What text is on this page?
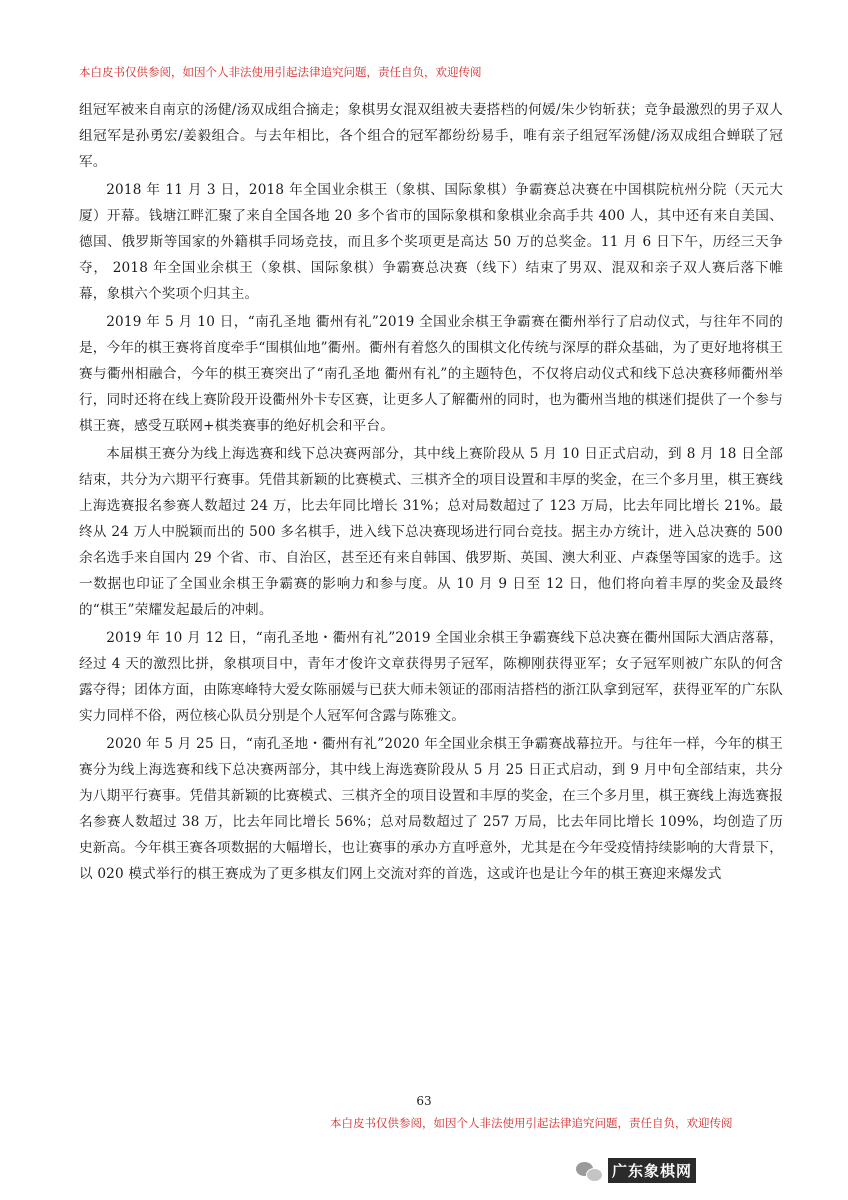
本白皮书仅供参阅，如因个人非法使用引起法律追究问题，责任自负，欢迎传阅

组冠军被来自南京的汤健/汤双成组合摘走；象棋男女混双组被夫妻搭档的何媛/朱少钧斩获；竞争最激烈的男子双人组冠军是孙勇宏/姜毅组合。与去年相比，各个组合的冠军都纷纷易手，唯有亲子组冠军汤健/汤双成组合蝉联了冠军。

2018 年 11 月 3 日，2018 年全国业余棋王（象棋、国际象棋）争霸赛总决赛在中国棋院杭州分院（天元大厦）开幕。钱塘江畔汇聚了来自全国各地 20 多个省市的国际象棋和象棋业余高手共 400 人，其中还有来自美国、德国、俄罗斯等国家的外籍棋手同场竞技，而且多个奖项更是高达 50 万的总奖金。11 月 6 日下午，历经三天争夺， 2018 年全国业余棋王（象棋、国际象棋）争霸赛总决赛（线下）结束了男双、混双和亲子双人赛后落下帷幕，象棋六个奖项个归其主。

2019 年 5 月 10 日，“南孔圣地 衢州有礼”2019 全国业余棋王争霸赛在衢州举行了启动仪式，与往年不同的是，今年的棋王赛将首度牵手“围棋仙地”衢州。衢州有着悠久的围棋文化传统与深厚的群众基础，为了更好地将棋王赛与衢州相融合，今年的棋王赛突出了“南孔圣地 衢州有礼”的主题特色，不仅将启动仪式和线下总决赛移师衢州举行，同时还将在线上赛阶段开设衢州外卡专区赛，让更多人了解衢州的同时，也为衢州当地的棋迷们提供了一个参与棋王赛，感受互联网+棋类赛事的绝好机会和平台。

本届棋王赛分为线上海选赛和线下总决赛两部分，其中线上赛阶段从 5 月 10 日正式启动，到 8 月 18 日全部结束，共分为六期平行赛事。凭借其新颖的比赛模式、三棋齐全的项目设置和丰厚的奖金，在三个多月里，棋王赛线上海选赛报名参赛人数超过 24 万，比去年同比增长 31%；总对局数超过了 123 万局，比去年同比增长 21%。最终从 24 万人中脱颖而出的 500 多名棋手，进入线下总决赛现场进行同台竞技。据主办方统计，进入总决赛的 500 余名选手来自国内 29 个省、市、自治区，甚至还有来自韩国、俄罗斯、英国、澳大利亚、卢森堡等国家的选手。这一数据也印证了全国业余棋王争霸赛的影响力和参与度。从 10 月 9 日至 12 日，他们将向着丰厚的奖金及最终的“棋王”荣耀发起最后的冲刺。

2019 年 10 月 12 日，“南孔圣地・衢州有礼”2019 全国业余棋王争霸赛线下总决赛在衢州国际大酒店落幕，经过 4 天的激烈比拼，象棋项目中，青年才俊许文章获得男子冠军，陈柳刚获得亚军；女子冠军则被广东队的何含露夺得；团体方面，由陈寒峰特大爱女陈丽媛与已获大师未领证的邵雨洁搭档的浙江队拿到冠军，获得亚军的广东队实力同样不俗，两位核心队员分别是个人冠军何含露与陈雅文。

2020 年 5 月 25 日，“南孔圣地・衢州有礼”2020 年全国业余棋王争霸赛战幕拉开。与往年一样，今年的棋王赛分为线上海选赛和线下总决赛两部分，其中线上海选赛阶段从 5 月 25 日正式启动，到 9 月中旬全部结束，共分为八期平行赛事。凭借其新颖的比赛模式、三棋齐全的项目设置和丰厚的奖金，在三个多月里，棋王赛线上海选赛报名参赛人数超过 38 万，比去年同比增长 56%；总对局数超过了 257 万局，比去年同比增长 109%，均创造了历史新高。今年棋王赛各项数据的大幅增长，也让赛事的承办方直呼意外，尤其是在今年受疫情持续影响的大背景下，以 020 模式举行的棋王赛成为了更多棋友们网上交流对弈的首选，这或许也是让今年的棋王赛迎来爆发式

63
本白皮书仅供参阅，如因个人非法使用引起法律追究问题，责任自负，欢迎传阅
广东象棋网
